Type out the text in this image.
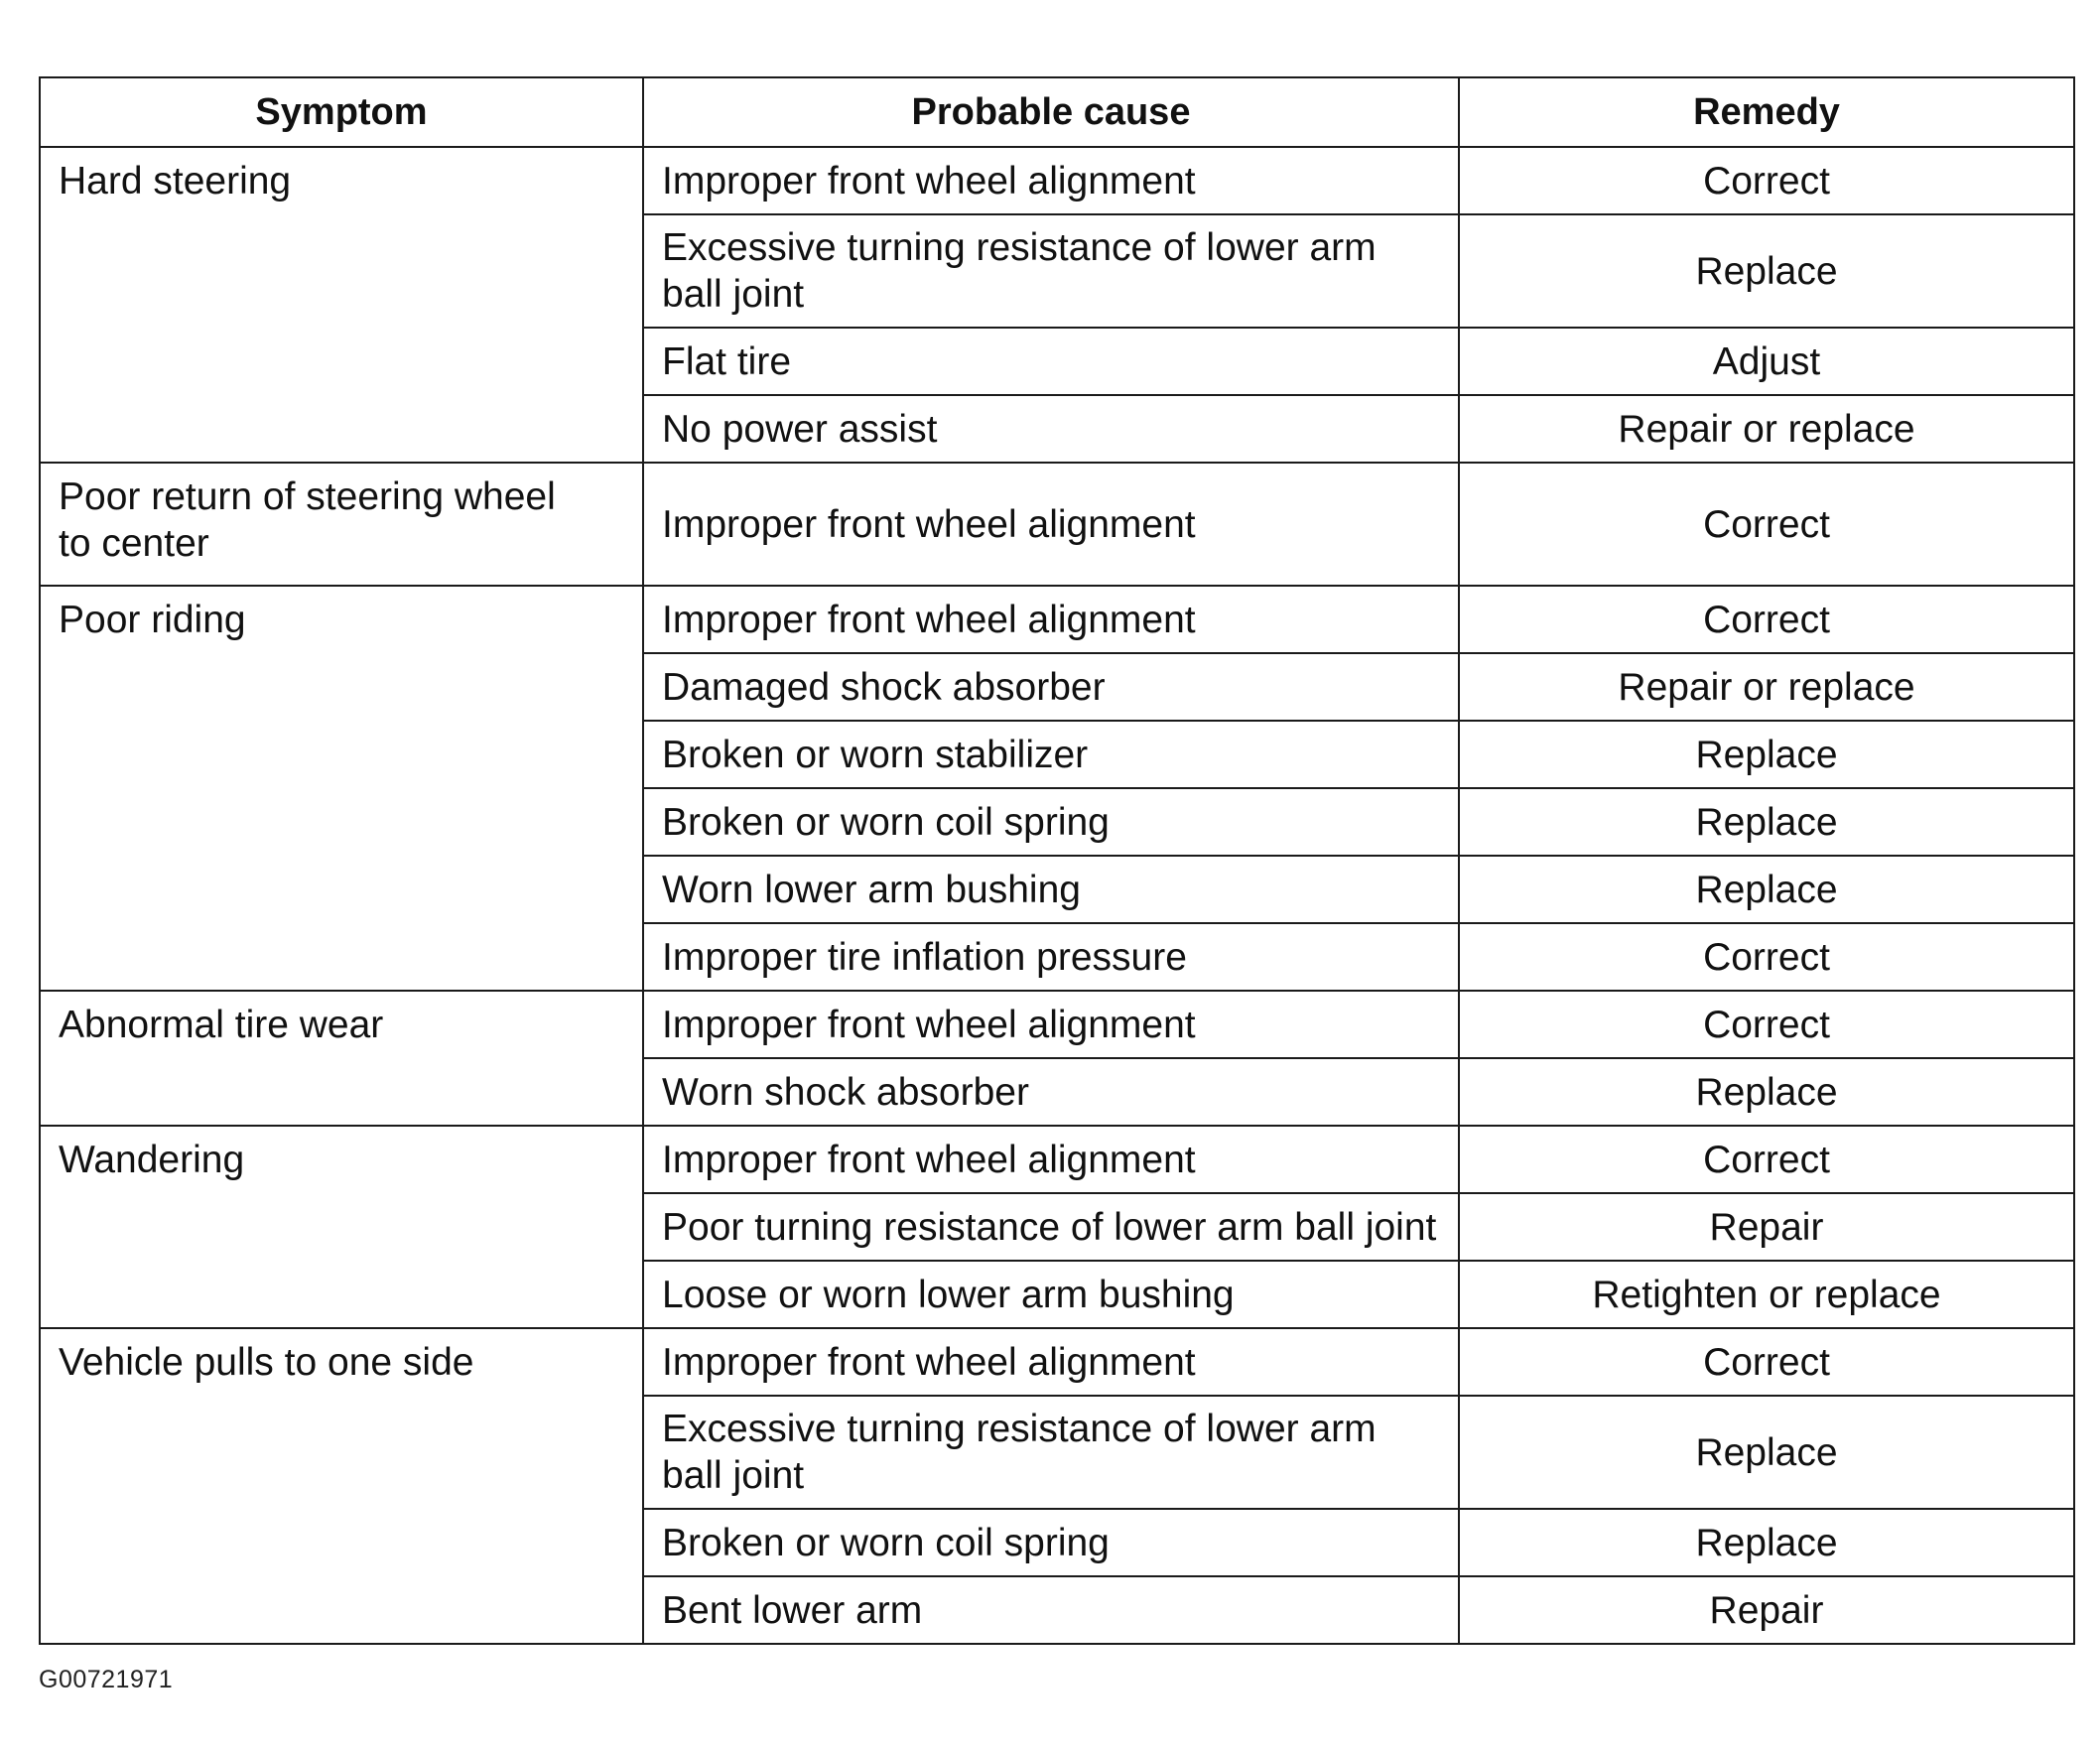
Symptom	Probable cause	Remedy
Hard steering	Improper front wheel alignment	Correct
	Excessive turning resistance of lower arm ball joint	Replace
	Flat tire	Adjust
	No power assist	Repair or replace
Poor return of steering wheel to center	Improper front wheel alignment	Correct
Poor riding	Improper front wheel alignment	Correct
	Damaged shock absorber	Repair or replace
	Broken or worn stabilizer	Replace
	Broken or worn coil spring	Replace
	Worn lower arm bushing	Replace
	Improper tire inflation pressure	Correct
Abnormal tire wear	Improper front wheel alignment	Correct
	Worn shock absorber	Replace
Wandering	Improper front wheel alignment	Correct
	Poor turning resistance of lower arm ball joint	Repair
	Loose or worn lower arm bushing	Retighten or replace
Vehicle pulls to one side	Improper front wheel alignment	Correct
	Excessive turning resistance of lower arm ball joint	Replace
	Broken or worn coil spring	Replace
	Bent lower arm	Repair
G00721971
